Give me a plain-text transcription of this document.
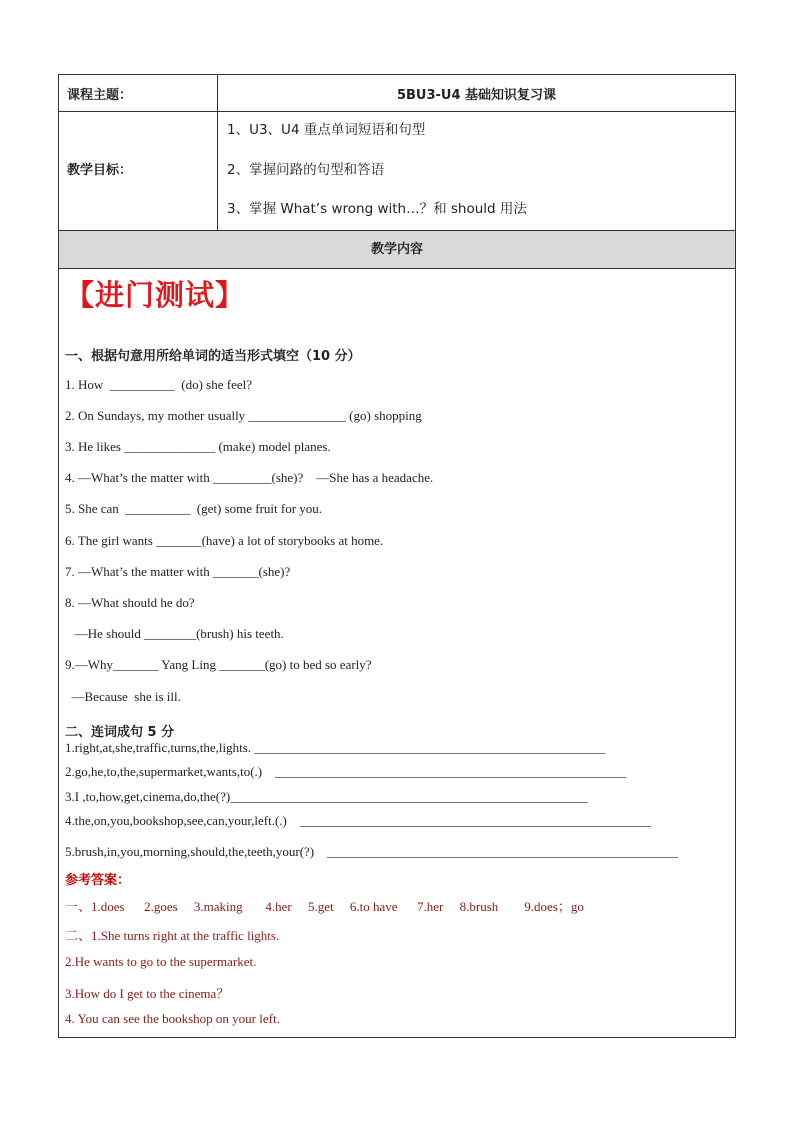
课程主题：	5BU3-U4 基础知识复习课
教学目标：
1、U3、U4 重点单词短语和句型
2、掌握问路的句型和答语
3、掌握 What’s wrong with…？和 should 用法
教学内容
【进门测试】
一、根据句意用所给单词的适当形式填空（10 分）
1. How  __________  (do) she feel?
2. On Sundays, my mother usually _______________ (go) shopping
3. He likes ______________ (make) model planes.
4. —What’s the matter with _________(she)?    —She has a headache.
5. She can  __________  (get) some fruit for you.
6. The girl wants _______(have) a lot of storybooks at home.
7. —What’s the matter with _______(she)?
8. —What should he do?
—He should ________(brush) his teeth.
9.—Why_______ Yang Ling _______(go) to bed so early?
—Because  she is ill.
二、连词成句 5 分
1.right,at,she,traffic,turns,the,lights. ______________________________________________________
2.go,he,to,the,supermarket,wants,to(.)    ______________________________________________________
3.I ,to,how,get,cinema,do,the(?)_______________________________________________________
4.the,on,you,bookshop,see,can,your,left.(.)    ______________________________________________________
5.brush,in,you,morning,should,the,teeth,your(?)    ______________________________________________________
参考答案：
一、1.does      2.goes     3.making       4.her     5.get     6.to have      7.her     8.brush        9.does；go
二、1.She turns right at the traffic lights.
2.He wants to go to the supermarket.
3.How do I get to the cinema？
4. You can see the bookshop on your left.
